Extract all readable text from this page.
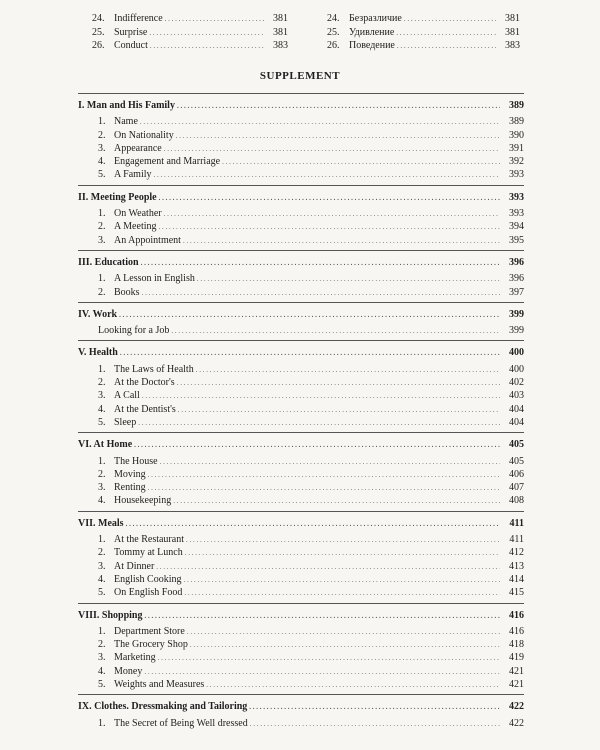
24. Indifference . . .	381
25. Surprise . . .	381
26. Conduct . . .	383
24. Безразличие . . .	381
25. Удивление . . .	381
26. Поведение . . .	383
SUPPLEMENT
I. Man and His Family . . .	389
1. Name . . .	389
2. On Nationality . . .	390
3. Appearance . . .	391
4. Engagement and Marriage . . .	392
5. A Family . . .	393
II. Meeting People . . .	393
1. On Weather . . .	393
2. A Meeting . . .	394
3. An Appointment . . .	395
III. Education . . .	396
1. A Lesson in English . . .	396
2. Books . . .	397
IV. Work . . .	399
Looking for a Job . . .	399
V. Health . . .	400
1. The Laws of Health . . .	400
2. At the Doctor's . . .	402
3. A Call . . .	403
4. At the Dentist's . . .	404
5. Sleep . . .	404
VI. At Home . . .	405
1. The House . . .	405
2. Moving . . .	406
3. Renting . . .	407
4. Housekeeping . . .	408
VII. Meals . . .	411
1. At the Restaurant . . .	411
2. Tommy at Lunch . . .	412
3. At Dinner . . .	413
4. English Cooking . . .	414
5. On English Food . . .	415
VIII. Shopping . . .	416
1. Department Store . . .	416
2. The Grocery Shop . . .	418
3. Marketing . . .	419
4. Money . . .	421
5. Weights and Measures . . .	421
IX. Clothes. Dressmaking and Tailoring . . .	422
1. The Secret of Being Well dressed . . .	422
